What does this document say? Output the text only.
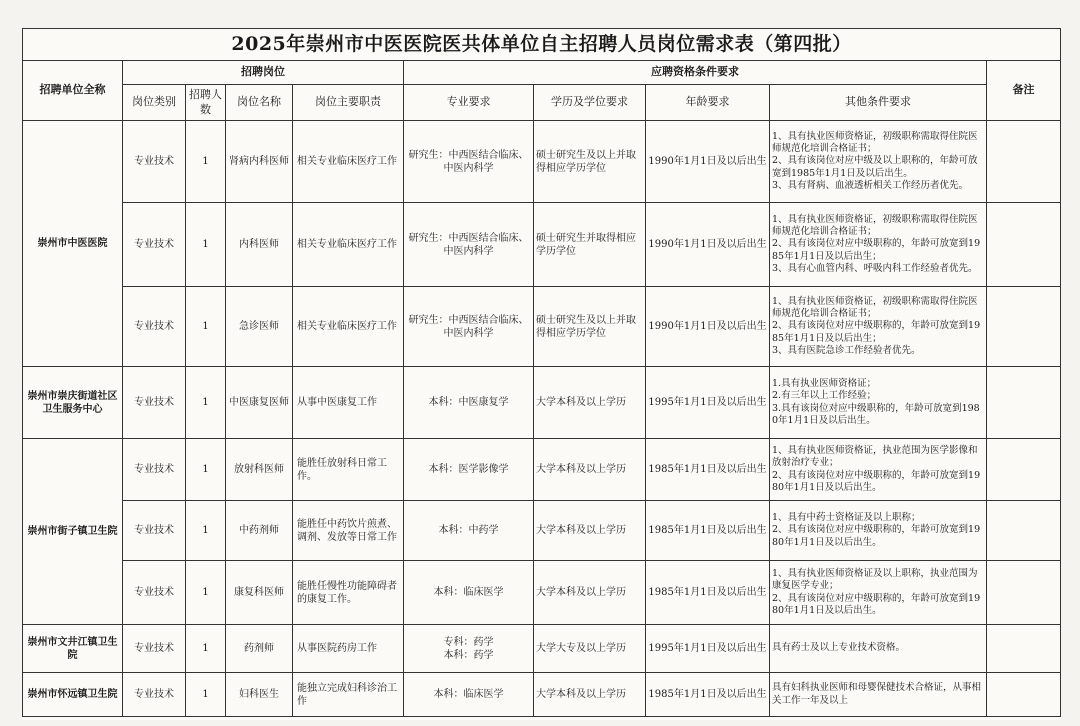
2025年崇州市中医医院医共体单位自主招聘人员岗位需求表（第四批）									
招聘单位全称	招聘岗位				应聘资格条件要求				备注
	岗位类别	招聘人数	岗位名称	岗位主要职责	专业要求	学历及学位要求	年龄要求	其他条件要求	
崇州市中医医院	专业技术	1	肾病内科医师	相关专业临床医疗工作	研究生：中西医结合临床、中医内科学	硕士研究生及以上并取得相应学历学位	1990年1月1日及以后出生	1、具有执业医师资格证，初级职称需取得住院医师规范化培训合格证书；
2、具有该岗位对应中级及以上职称的，年龄可放宽到1985年1月1日及以后出生。
3、具有肾病、血液透析相关工作经历者优先。	
	专业技术	1	内科医师	相关专业临床医疗工作	研究生：中西医结合临床、中医内科学	硕士研究生并取得相应学历学位	1990年1月1日及以后出生	1、具有执业医师资格证，初级职称需取得住院医师规范化培训合格证书；
2、具有该岗位对应中级职称的，年龄可放宽到1985年1月1日及以后出生；
3、具有心血管内科、呼吸内科工作经验者优先。	
	专业技术	1	急诊医师	相关专业临床医疗工作	研究生：中西医结合临床、中医内科学	硕士研究生及以上并取得相应学历学位	1990年1月1日及以后出生	1、具有执业医师资格证，初级职称需取得住院医师规范化培训合格证书；
2、具有该岗位对应中级职称的，年龄可放宽到1985年1月1日及以后出生；
3、具有医院急诊工作经验者优先。	
崇州市崇庆街道社区卫生服务中心	专业技术	1	中医康复医师	从事中医康复工作	本科：中医康复学	大学本科及以上学历	1995年1月1日及以后出生	1.具有执业医师资格证；
2.有三年以上工作经验；
3.具有该岗位对应中级职称的，年龄可放宽到1980年1月1日及以后出生。	
崇州市街子镇卫生院	专业技术	1	放射科医师	能胜任放射科日常工作。	本科：医学影像学	大学本科及以上学历	1985年1月1日及以后出生	1、具有执业医师资格证，执业范围为医学影像和放射治疗专业；
2、具有该岗位对应中级职称的，年龄可放宽到1980年1月1日及以后出生。	
	专业技术	1	中药剂师	能胜任中药饮片煎煮、调剂、发放等日常工作	本科：中药学	大学本科及以上学历	1985年1月1日及以后出生	1、具有中药士资格证及以上职称；
2、具有该岗位对应中级职称的，年龄可放宽到1980年1月1日及以后出生。	
	专业技术	1	康复科医师	能胜任慢性功能障碍者的康复工作。	本科：临床医学	大学本科及以上学历	1985年1月1日及以后出生	1、具有执业医师资格证及以上职称，执业范围为康复医学专业；
2、具有该岗位对应中级职称的，年龄可放宽到1980年1月1日及以后出生。	
崇州市文井江镇卫生院	专业技术	1	药剂师	从事医院药房工作	专科：药学
本科：药学	大学大专及以上学历	1995年1月1日及以后出生	具有药士及以上专业技术资格。	
崇州市怀远镇卫生院	专业技术	1	妇科医生	能独立完成妇科诊治工作	本科：临床医学	大学本科及以上学历	1985年1月1日及以后出生	具有妇科执业医师和母婴保健技术合格证，从事相关工作一年及以上	
